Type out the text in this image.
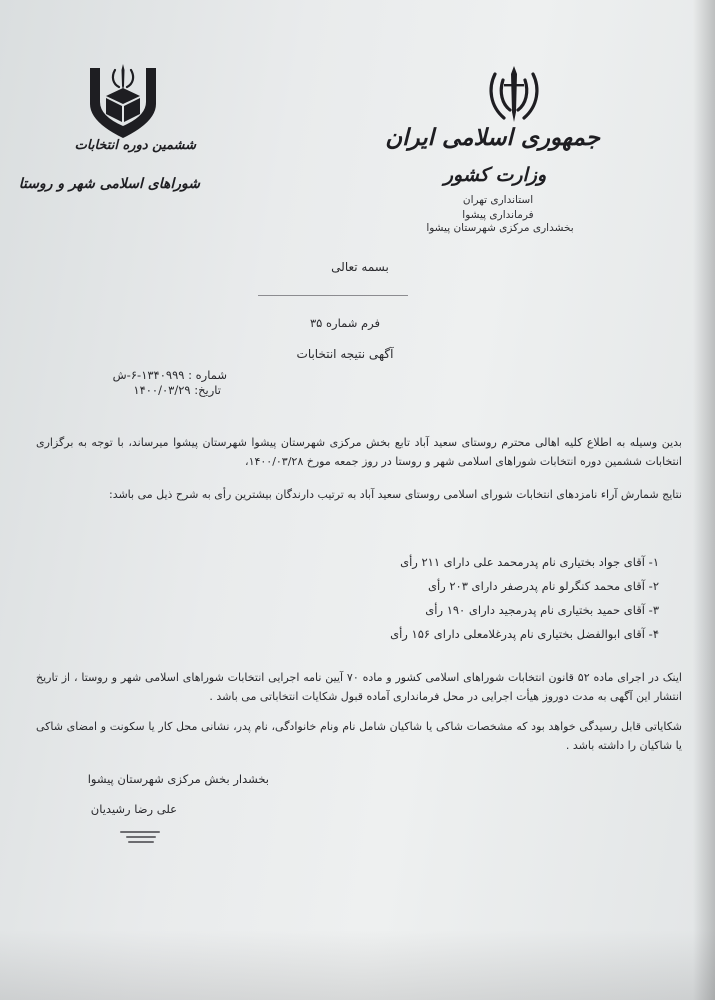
جمهوری اسلامی ایران
وزارت کشور
استانداری تهران
فرمانداری پیشوا
بخشداری مرکزی شهرستان پیشوا
ششمین دوره انتخابات
شوراهای اسلامی شهر و روستا
بسمه تعالی
فرم شماره ۳۵
آگهی نتیجه انتخابات
شماره : ۱۳۴۰۹۹۹-۶-ش
تاریخ: ۱۴۰۰/۰۳/۲۹
بدین وسیله به اطلاع کلیه اهالی محترم روستای سعید آباد تابع بخش مرکزی شهرستان پیشوا شهرستان پیشوا میرساند، با توجه به برگزاری انتخابات ششمین دوره انتخابات شوراهای اسلامی شهر و روستا در روز جمعه مورخ ۱۴۰۰/۰۳/۲۸،
نتایج شمارش آراء نامزدهای انتخابات شورای اسلامی روستای سعید آباد به ترتیب دارندگان بیشترین رأی به شرح ذیل می باشد:
۱- آقای جواد بختیاری نام پدرمحمد علی دارای ۲۱۱ رأی
۲- آقای محمد کنگرلو نام پدرصفر دارای ۲۰۳ رأی
۳- آقای حمید بختیاری نام پدرمجید دارای ۱۹۰ رأی
۴- آقای ابوالفضل بختیاری نام پدرغلامعلی دارای ۱۵۶ رأی
اینک در اجرای ماده ۵۲ قانون انتخابات شوراهای اسلامی کشور و ماده ۷۰ آیین نامه اجرایی انتخابات شوراهای اسلامی شهر و روستا ، از تاریخ انتشار این آگهی به مدت دوروز هیأت اجرایی در محل فرمانداری آماده قبول شکایات انتخاباتی می باشد .
شکایاتی قابل رسیدگی خواهد بود که مشخصات شاکی یا شاکیان شامل نام ونام خانوادگی، نام پدر، نشانی محل کار یا سکونت و امضای شاکی یا شاکیان را داشته باشد .
بخشدار بخش مرکزی شهرستان پیشوا
علی رضا رشیدیان
